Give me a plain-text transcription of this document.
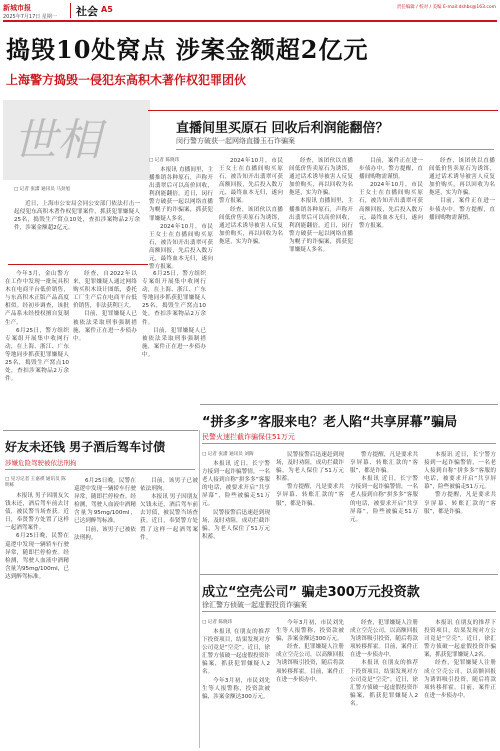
新城市报
2025年7月17日 星期一 社会 A5	责任编辑 / 校对 / 美编 E-mail:dshbs@163.com
捣毁10处窝点 涉案金额超2亿元
上海警方捣毁一侵犯东高积木著作权犯罪团伙
世相
□ 记者 张潇 通讯员 马劲旭

近日，上海市公安局会同公安部门依法打击一起侵犯东高积木著作权犯罪案件，抓获犯罪嫌疑人25名，捣毁生产窝点10处，查扣涉案物品2万余件，涉案金额超2亿元。

今年3月，金山警方在工作中发现一批玩具积木在电商平台低价销售，与东高积木正版产品高度相似。经初步调查，该批产品系未经授权擅自复制生产。

6月25日，警方组织专案组开展集中收网行动，在上海、浙江、广东等地同步抓获犯罪嫌疑人25名，捣毁生产窝点10处，查扣涉案物品2万余件。

经查，自2022年以来，犯罪嫌疑人通过网络购买积木设计图纸，委托工厂生产后在电商平台低价销售，非法获利巨大。

目前，犯罪嫌疑人已被依法采取刑事强制措施，案件正在进一步侦办中。

6月25日，警方组织专案组开展集中收网行动，在上海、浙江、广东等地同步抓获犯罪嫌疑人25名，捣毁生产窝点10处，查扣涉案物品2万余件。

目前，犯罪嫌疑人已被依法采取刑事强制措施，案件正在进一步侦办中。

直播间里买原石 回收后利润能翻倍？
闵行警方破获一起网络直播玉石诈骗案
□ 记者 陈晓玮

本报讯 直播间里，主播推销各种原石，声称开出翡翠后可以高价回收，利润能翻倍。近日，闵行警方破获一起以网络直播为幌子的诈骗案，抓获犯罪嫌疑人多名。

2024年10月，市民王女士在直播间购买原石，被告知开出翡翠可获高额回报，先后投入数万元，最终血本无归，遂向警方报案。

2024年10月，市民王女士在直播间购买原石，被告知开出翡翠可获高额回报，先后投入数万元，最终血本无归，遂向警方报案。

经查，该团伙以直播间低价售卖原石为诱饵，通过话术诱导被害人反复加价购买，再以回收为名拖延，实为诈骗。

经查，该团伙以直播间低价售卖原石为诱饵，通过话术诱导被害人反复加价购买，再以回收为名拖延，实为诈骗。

本报讯 直播间里，主播推销各种原石，声称开出翡翠后可以高价回收，利润能翻倍。近日，闵行警方破获一起以网络直播为幌子的诈骗案，抓获犯罪嫌疑人多名。

目前，案件正在进一步侦办中。警方提醒，直播间购物需谨慎。

2024年10月，市民王女士在直播间购买原石，被告知开出翡翠可获高额回报，先后投入数万元，最终血本无归，遂向警方报案。

经查，该团伙以直播间低价售卖原石为诱饵，通过话术诱导被害人反复加价购买，再以回收为名拖延，实为诈骗。

目前，案件正在进一步侦办中。警方提醒，直播间购物需谨慎。

“拼多多”客服来电？老人陷“共享屏幕”骗局
民警火速拦截诈骗保住51万元
□ 记者 张潇 通讯员 刘陶

本报讯 近日，长宁警方接到一起诈骗警情，一名老人接到自称“拼多多”客服的电话，被要求开启“共享屏幕”，险些被骗走51万元。

民警接警后迅速赶到现场，及时劝阻，成功拦截诈骗，为老人保住了51万元积蓄。

民警接警后迅速赶到现场，及时劝阻，成功拦截诈骗，为老人保住了51万元积蓄。

警方提醒，凡是要求共享屏幕、转账汇款的“客服”，都是诈骗。

警方提醒，凡是要求共享屏幕、转账汇款的“客服”，都是诈骗。

本报讯 近日，长宁警方接到一起诈骗警情，一名老人接到自称“拼多多”客服的电话，被要求开启“共享屏幕”，险些被骗走51万元。

本报讯 近日，长宁警方接到一起诈骗警情，一名老人接到自称“拼多多”客服的电话，被要求开启“共享屏幕”，险些被骗走51万元。

警方提醒，凡是要求共享屏幕、转账汇款的“客服”，都是诈骗。

好友未还钱 男子酒后驾车讨债
涉嫌危险驾驶被依法刑拘
□ 见习记者 王嘉祺 通讯员 陈明栋

本报讯 男子因朋友欠钱未还，酒后驾车前去讨债，被民警当场查获。近日，奉贤警方处置了这样一起酒驾案件。

6月25日晚，民警在巡逻中发现一辆轿车行驶异常，随即拦停检查。经检测，驾驶人血液中酒精含量为95mg/100ml，已达到醉驾标准。

6月25日晚，民警在巡逻中发现一辆轿车行驶异常，随即拦停检查。经检测，驾驶人血液中酒精含量为95mg/100ml，已达到醉驾标准。

目前，该男子已被依法刑拘。

目前，该男子已被依法刑拘。

本报讯 男子因朋友欠钱未还，酒后驾车前去讨债，被民警当场查获。近日，奉贤警方处置了这样一起酒驾案件。

成立“空壳公司” 骗走300万元投资款
徐汇警方侦破一起虚假投资诈骗案
□ 记者 陈晓玮

本报讯 在朋友的推荐下投资项目，结果发现对方公司竟是“空壳”。近日，徐汇警方侦破一起虚假投资诈骗案，抓获犯罪嫌疑人2名。

今年3月初，市民刘先生等人报警称，投资款被骗，涉案金额达300万元。

今年3月初，市民刘先生等人报警称，投资款被骗，涉案金额达300万元。

经查，犯罪嫌疑人注册成立空壳公司，以高额回报为诱饵吸引投资，随后将款项转移挥霍。目前，案件正在进一步侦办中。

经查，犯罪嫌疑人注册成立空壳公司，以高额回报为诱饵吸引投资，随后将款项转移挥霍。目前，案件正在进一步侦办中。

本报讯 在朋友的推荐下投资项目，结果发现对方公司竟是“空壳”。近日，徐汇警方侦破一起虚假投资诈骗案，抓获犯罪嫌疑人2名。

本报讯 在朋友的推荐下投资项目，结果发现对方公司竟是“空壳”。近日，徐汇警方侦破一起虚假投资诈骗案，抓获犯罪嫌疑人2名。

经查，犯罪嫌疑人注册成立空壳公司，以高额回报为诱饵吸引投资，随后将款项转移挥霍。目前，案件正在进一步侦办中。
